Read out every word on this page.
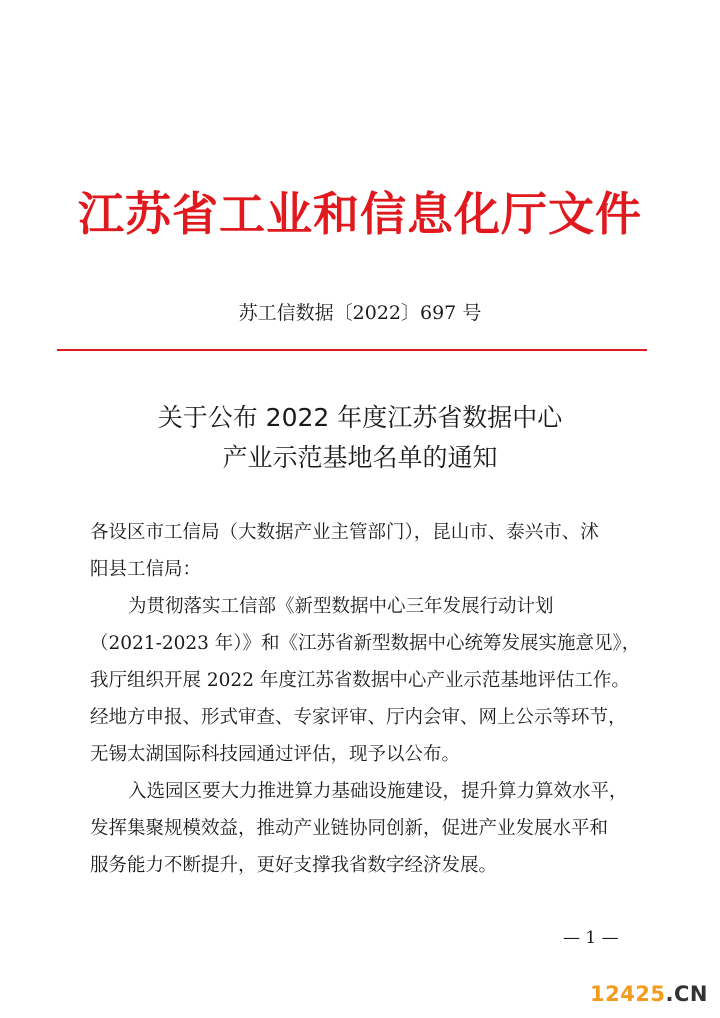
江苏省工业和信息化厅文件
苏工信数据〔2022〕697 号
关于公布 2022 年度江苏省数据中心
产业示范基地名单的通知
各设区市工信局（大数据产业主管部门），昆山市、泰兴市、沭
阳县工信局：
为贯彻落实工信部《新型数据中心三年发展行动计划
（2021-2023 年）》和《江苏省新型数据中心统筹发展实施意见》，
我厅组织开展 2022 年度江苏省数据中心产业示范基地评估工作。
经地方申报、形式审查、专家评审、厅内会审、网上公示等环节，
无锡太湖国际科技园通过评估，现予以公布。
入选园区要大力推进算力基础设施建设，提升算力算效水平，
发挥集聚规模效益，推动产业链协同创新，促进产业发展水平和
服务能力不断提升，更好支撑我省数字经济发展。
— 1 —
12425.CN
